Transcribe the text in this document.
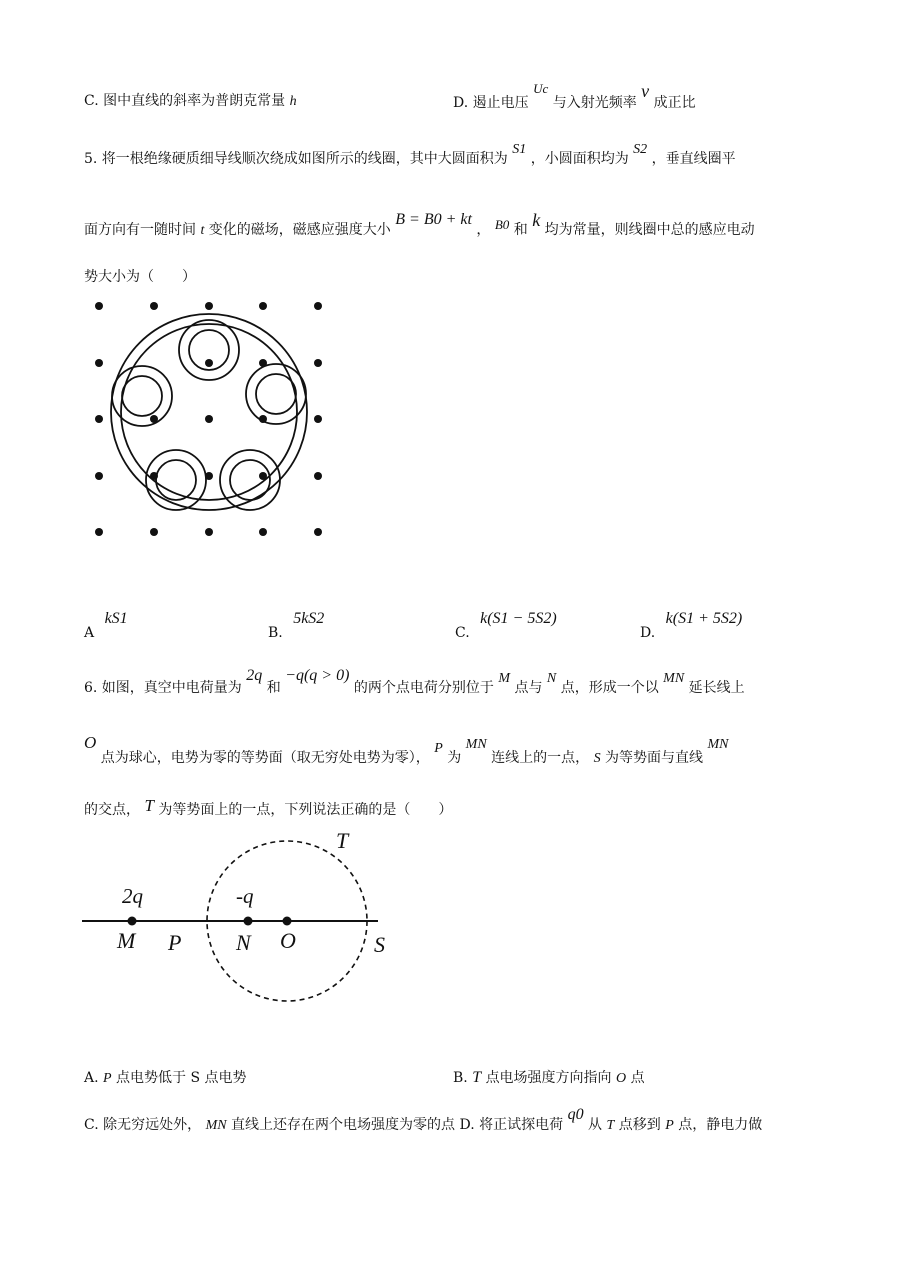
C. 图中直线的斜率为普朗克常量 h	D. 遏止电压 Uc 与入射光频率 ν 成正比
5. 将一根绝缘硬质细导线顺次绕成如图所示的线圈，其中大圆面积为 S1 ，小圆面积均为 S2 ，垂直线圈平
面方向有一随时间 t 变化的磁场，磁感应强度大小 B = B0 + kt ， B0 和 k 均为常量，则线圈中总的感应电动
势大小为（　　）
A kS1
B. 5kS2
C. k(S1 − 5S2)
D. k(S1 + 5S2)
6. 如图，真空中电荷量为 2q 和 −q(q > 0) 的两个点电荷分别位于 M 点与 N 点，形成一个以 MN 延长线上
O 点为球心，电势为零的等势面（取无穷处电势为零）， P 为 MN 连线上的一点， S 为等势面与直线 MN
的交点， T 为等势面上的一点，下列说法正确的是（　　）
T
2q	-q
M P N O	S
A. P 点电势低于 S 点电势	B. T 点电场强度方向指向 O 点
C. 除无穷远处外， MN 直线上还存在两个电场强度为零的点 D. 将正试探电荷 q0 从 T 点移到 P 点，静电力做
